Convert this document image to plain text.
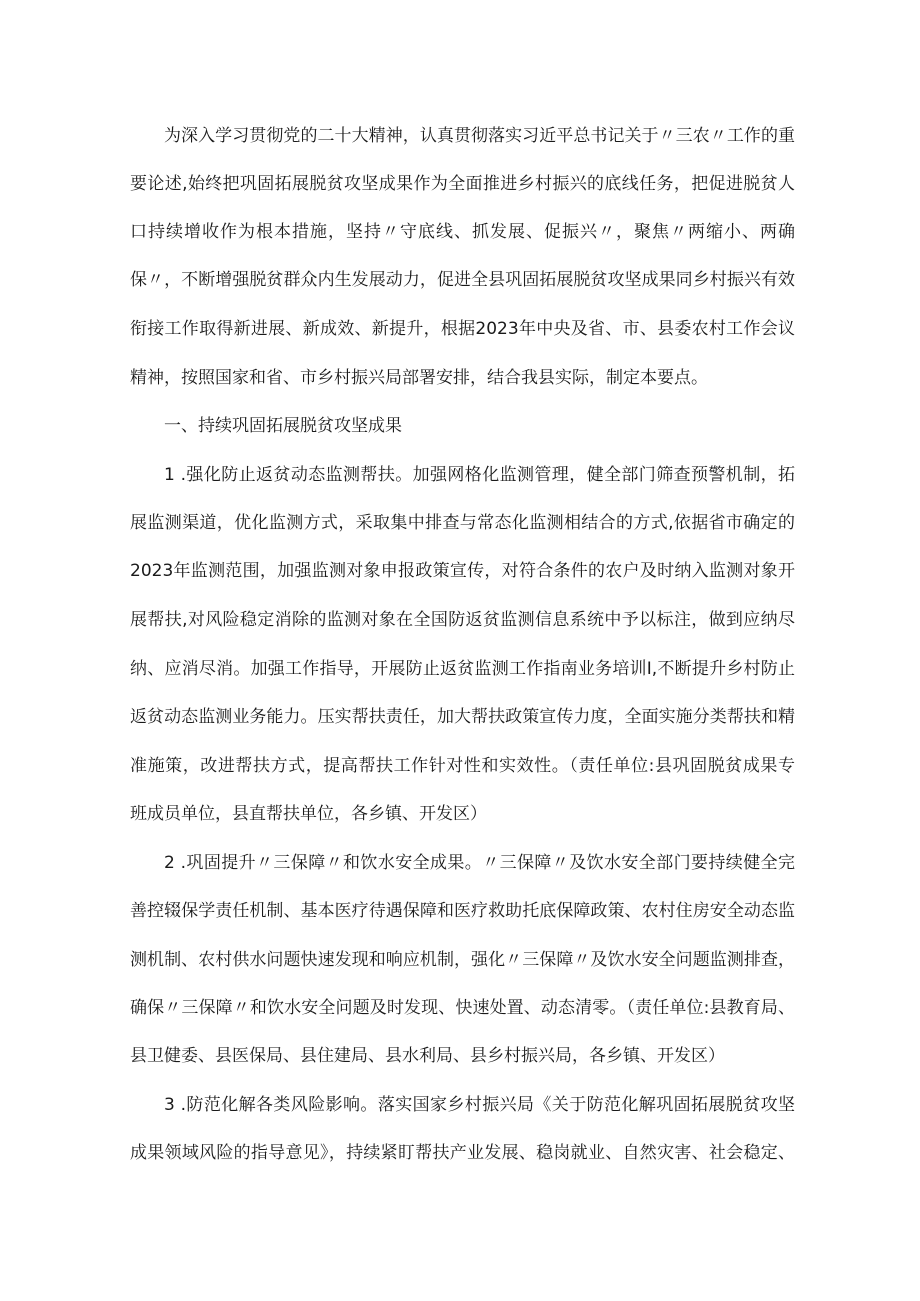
为深入学习贯彻党的二十大精神，认真贯彻落实习近平总书记关于〃三农〃工作的重
要论述,始终把巩固拓展脱贫攻坚成果作为全面推进乡村振兴的底线任务，把促进脱贫人
口持续增收作为根本措施，坚持〃守底线、抓发展、促振兴〃，聚焦〃两缩小、两确
保〃，不断增强脱贫群众内生发展动力，促进全县巩固拓展脱贫攻坚成果同乡村振兴有效
衔接工作取得新进展、新成效、新提升，根据2023年中央及省、市、县委农村工作会议
精神，按照国家和省、市乡村振兴局部署安排，结合我县实际，制定本要点。
一、持续巩固拓展脱贫攻坚成果
1 .强化防止返贫动态监测帮扶。加强网格化监测管理，健全部门筛查预警机制，拓
展监测渠道，优化监测方式，采取集中排查与常态化监测相结合的方式,依据省市确定的
2023年监测范围，加强监测对象申报政策宣传，对符合条件的农户及时纳入监测对象开
展帮扶,对风险稳定消除的监测对象在全国防返贫监测信息系统中予以标注，做到应纳尽
纳、应消尽消。加强工作指导，开展防止返贫监测工作指南业务培训I,不断提升乡村防止
返贫动态监测业务能力。压实帮扶责任，加大帮扶政策宣传力度，全面实施分类帮扶和精
准施策，改进帮扶方式，提高帮扶工作针对性和实效性。（责任单位:县巩固脱贫成果专
班成员单位，县直帮扶单位，各乡镇、开发区）
2 .巩固提升〃三保障〃和饮水安全成果。〃三保障〃及饮水安全部门要持续健全完
善控辍保学责任机制、基本医疗待遇保障和医疗救助托底保障政策、农村住房安全动态监
测机制、农村供水问题快速发现和响应机制，强化〃三保障〃及饮水安全问题监测排查，
确保〃三保障〃和饮水安全问题及时发现、快速处置、动态清零。（责任单位:县教育局、
县卫健委、县医保局、县住建局、县水利局、县乡村振兴局，各乡镇、开发区）
3 .防范化解各类风险影响。落实国家乡村振兴局《关于防范化解巩固拓展脱贫攻坚
成果领域风险的指导意见》，持续紧盯帮扶产业发展、稳岗就业、自然灾害、社会稳定、
